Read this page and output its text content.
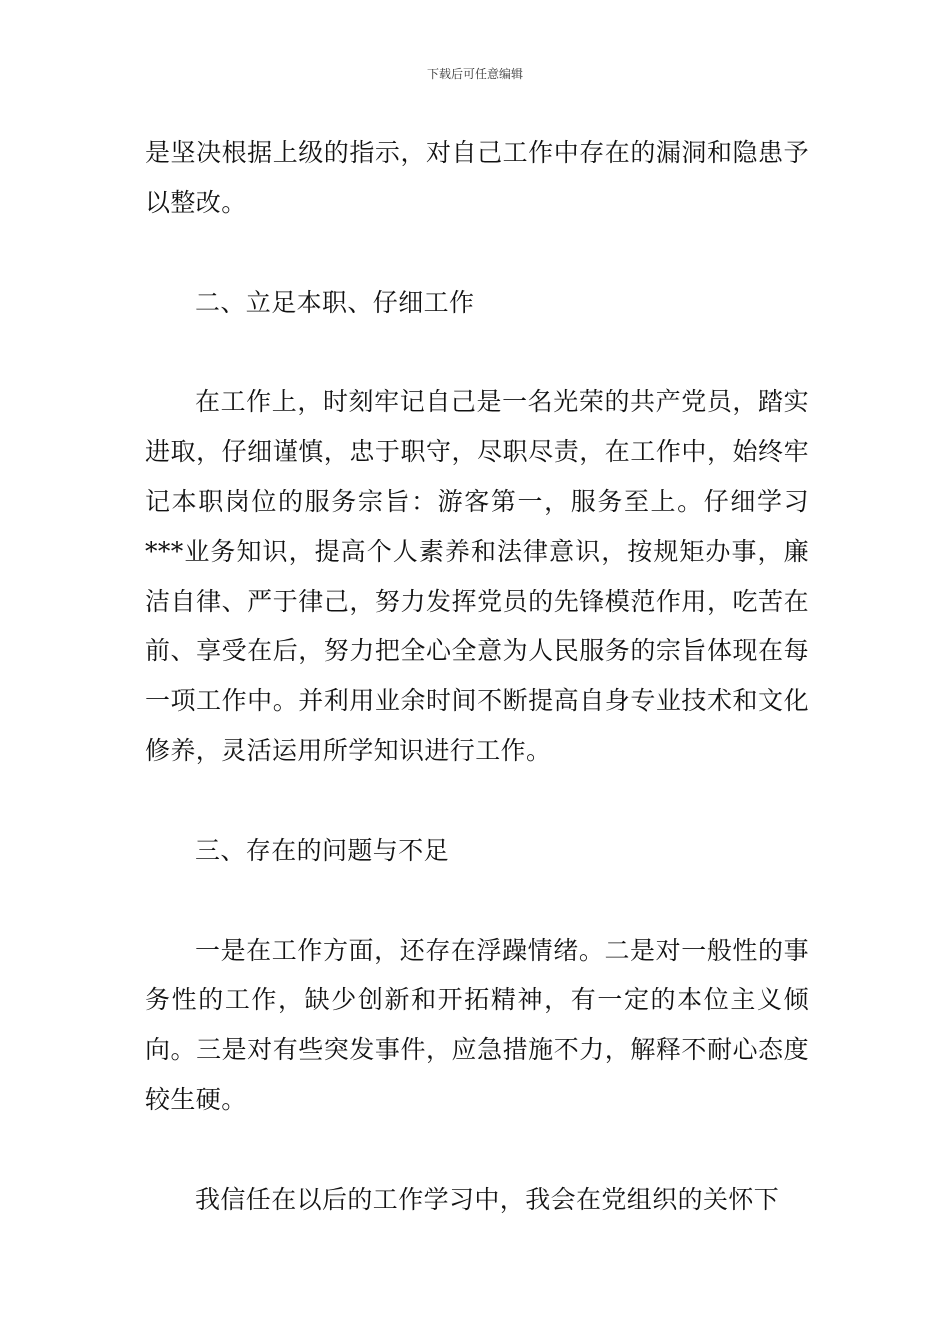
下载后可任意编辑

是坚决根据上级的指示，对自己工作中存在的漏洞和隐患予以整改。

二、立足本职、仔细工作

在工作上，时刻牢记自己是一名光荣的共产党员，踏实进取，仔细谨慎，忠于职守，尽职尽责，在工作中，始终牢记本职岗位的服务宗旨：游客第一，服务至上。仔细学习***业务知识，提高个人素养和法律意识，按规矩办事，廉洁自律、严于律己，努力发挥党员的先锋模范作用，吃苦在前、享受在后，努力把全心全意为人民服务的宗旨体现在每一项工作中。并利用业余时间不断提高自身专业技术和文化修养，灵活运用所学知识进行工作。

三、存在的问题与不足

一是在工作方面，还存在浮躁情绪。二是对一般性的事务性的工作，缺少创新和开拓精神，有一定的本位主义倾向。三是对有些突发事件，应急措施不力，解释不耐心态度较生硬。

我信任在以后的工作学习中，我会在党组织的关怀下
